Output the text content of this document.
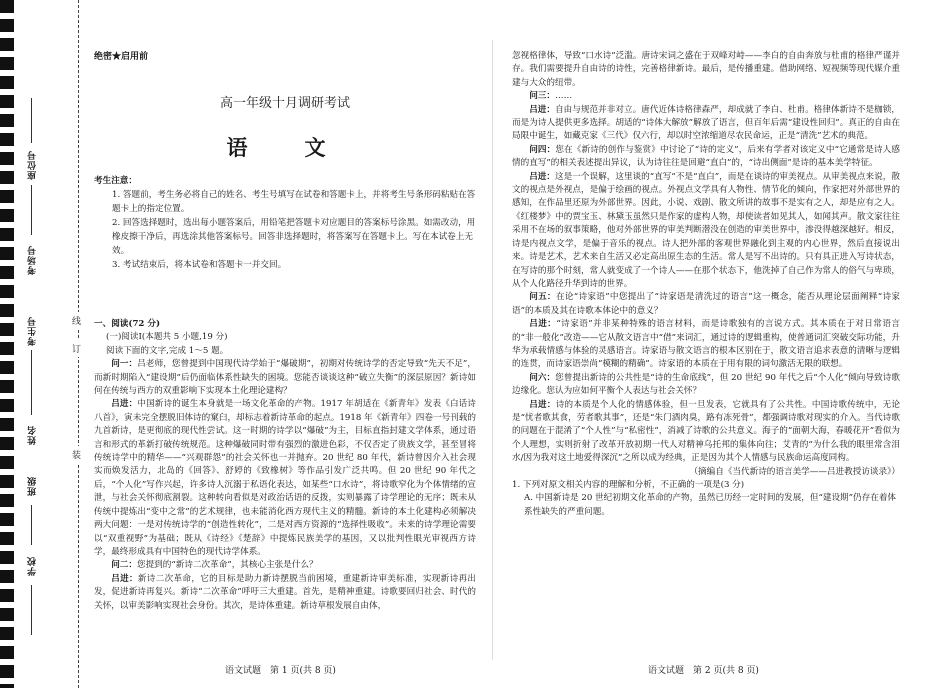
座位号
考场号
考生号
姓名
班级
学校
线
订
装
绝密★启用前
高一年级十月调研考试
语　文
考生注意：
1. 答题前，考生务必将自己的姓名、考生号填写在试卷和答题卡上，并将考生号条形码粘贴在答题卡上的指定位置。
2. 回答选择题时，选出每小题答案后，用铅笔把答题卡对应题目的答案标号涂黑。如需改动，用橡皮擦干净后，再选涂其他答案标号。回答非选择题时，将答案写在答题卡上。写在本试卷上无效。
3. 考试结束后，将本试卷和答题卡一并交回。
一、阅读(72 分)
(一)阅读Ⅰ(本题共 5 小题,19 分)
阅读下面的文字,完成 1～5 题。

问一：吕老师，您曾提到中国现代诗学始于“爆破期”，初期对传统诗学的否定导致“先天不足”，而新时期陷入“建设期”后仍面临体系性缺失的困境。您能否谈谈这种“破立失衡”的深层原因？新诗如何在传统与西方的双重影响下实现本土化理论建构？

吕进：中国新诗的诞生本身就是一场文化革命的产物。1917 年胡适在《新青年》发表《白话诗八首》，寅未完全摆脱旧体诗的窠臼，却标志着新诗革命的起点。1918 年《新青年》四卷一号刊载的九首新诗，是更彻底的现代性尝试。这一时期的诗学以“爆破”为主，目标直指封建文学体系，通过语言和形式的革新打破传统规范。这种爆破同时带有强烈的激进色彩，不仅否定了贵族文学，甚至冒将传统诗学中的精华——“兴观群怨”的社会关怀也一并抛弃。20 世纪 80 年代，新诗曾因介入社会现实而焕发活力，北岛的《回答》、舒婷的《致橡树》等作品引发广泛共鸣。但 20 世纪 90 年代之后，“个人化”写作兴起，许多诗人沉溺于私语化表达，如某些“口水诗”，将诗歌窄化为个体情绪的宣泄，与社会关怀彻底割裂。这种转向看似是对政治话语的反拨，实则暴露了诗学理论的无序；既未从传统中提炼出“变中之常”的艺术规律，也未能消化西方现代主义的精髓。新诗的本土化建构必须解决两大问题：一是对传统诗学的“创造性转化”，二是对西方资源的“选择性吸收”。未来的诗学理论需要以“双重视野”为基础；既从《诗经》《楚辞》中提炼民族美学的基因，又以批判性眼光审视西方诗学，最终形成具有中国特色的现代诗学体系。

问二：您提到的“新诗二次革命”，其核心主张是什么？

吕进：新诗二次革命，它的目标是助力新诗摆脱当前困境，重建新诗审美标准，实现新诗再出发，促进新诗再复兴。新诗“二次革命”呼吁三大重建。首先，是精神重建。诗歌要回归社会、时代的关怀，以审美影响实现社会身份。其次，是诗体重建。新诗草根发展自由体，

语文试题　第 1 页(共 8 页)

忽视格律体，导致“口水诗”泛滥。唐诗宋词之盛在于双峰对峙——李白的自由奔放与杜甫的格律严谨并存。我们需要提升自由诗的诗性，完善格律新诗。最后，是传播重建。借助网络、短视频等现代媒介重建与大众的纽带。

问三：……

吕进：自由与规范并非对立。唐代近体诗格律森严，却成就了李白、杜甫。格律体新诗不是枷锁，而是为诗人提供更多选择。胡适的“诗体大解放”解放了语言，但百年后需“建设性回归”。真正的自由在局限中诞生，如藏克家《三代》仅六行，却以时空浓缩道尽农民命运，正是“清洗”艺术的典范。

问四：您在《新诗的创作与鉴赏》中讨论了“诗的定义”，后来有学者对该定义中“它通常是诗人感情的直写”的相关表述提出异议，认为诗往往是回避“直白”的，“诗出侧面”是诗的基本美学特征。

吕进：这是一个误解，这里谈的“直写”不是“直白”，而是在谈诗的审美视点。从审美视点来说，散文的视点是外视点，是偏于绘画的视点。外视点文学具有人物性、情节化的倾向，作家把对外部世界的感知，在作品里还原为外部世界。因此，小说、戏剧、散文所讲的故事不是实有之人，却是应有之人。《红楼梦》中的贾宝玉、林黛玉虽然只是作家的虚构人物，却使读者如见其人，如闻其声。散文家往往采用不在场的叙事策略，他对外部世界的审美判断潜没在创造的审美世界中，渗没得越深越好。相反，诗是内视点文学，是偏于音乐的视点。诗人把外部的客观世界融化到主观的内心世界，然后直接说出来。诗是艺术，艺术来自生活又必定高出原生态的生活。常人是写不出诗的。只有具正进入写诗状态，在写诗的那个时刻，常人就变成了一个诗人——在那个状态下，他洗掉了自己作为常人的俗气与卑琐，从个人化路径升华到诗的世界。

问五：在论“诗家语”中您提出了“诗家语是清洗过的语言”这一概念，能否从理论层面阐释“诗家语”的本质及其在诗歌本体论中的意义？

吕进：“诗家语”并非某种特殊的语言材料，而是诗歌独有的言说方式。其本质在于对日常语言的“非一般化”改造——它从散文语言中“借”来词汇，通过诗的逻辑重构，使普通词汇突破交际功能，升华为承载情感与体验的灵感语言。诗家语与散文语言的根本区别在于，散文语言追求表意的清晰与逻辑的连贯，而诗家语崇尚“模糊的精确”。诗家语的本质在于用有限的词句激活无限的联想。

问六：您曾提出新诗的公共性是“诗的生命底线”，但 20 世纪 90 年代之后“个人化”倾向导致诗歌边缘化。您认为应如何平衡个人表达与社会关怀？

吕进：诗的本质是个人化的情感体验，但一旦发表，它就具有了公共性。中国诗歌传统中，无论是“忧者歌其食，劳者歌其事”，还是“朱门酒肉臭，路有冻死骨”，都强调诗歌对现实的介入。当代诗歌的问题在于混淆了“个人性”与“私密性”，消减了诗歌的公共意义。海子的“面朝大海，春暖花开”看似为个人理想，实则折射了改革开放初期一代人对精神乌托邦的集体向往；艾青的“为什么我的眼里常含泪水/因为我对这土地爱得深沉”之所以成为经典，正是因为其个人情感与民族命运高度同构。

（摘编自《当代新诗的语言美学——吕进教授访谈录》）
1. 下列对原文相关内容的理解和分析，不正确的一项是(3 分)
A. 中国新诗是 20 世纪初期文化革命的产物，虽然已历经一定时间的发展，但“建设期”仍存在着体系性缺失的严重问题。
语文试题　第 2 页(共 8 页)
